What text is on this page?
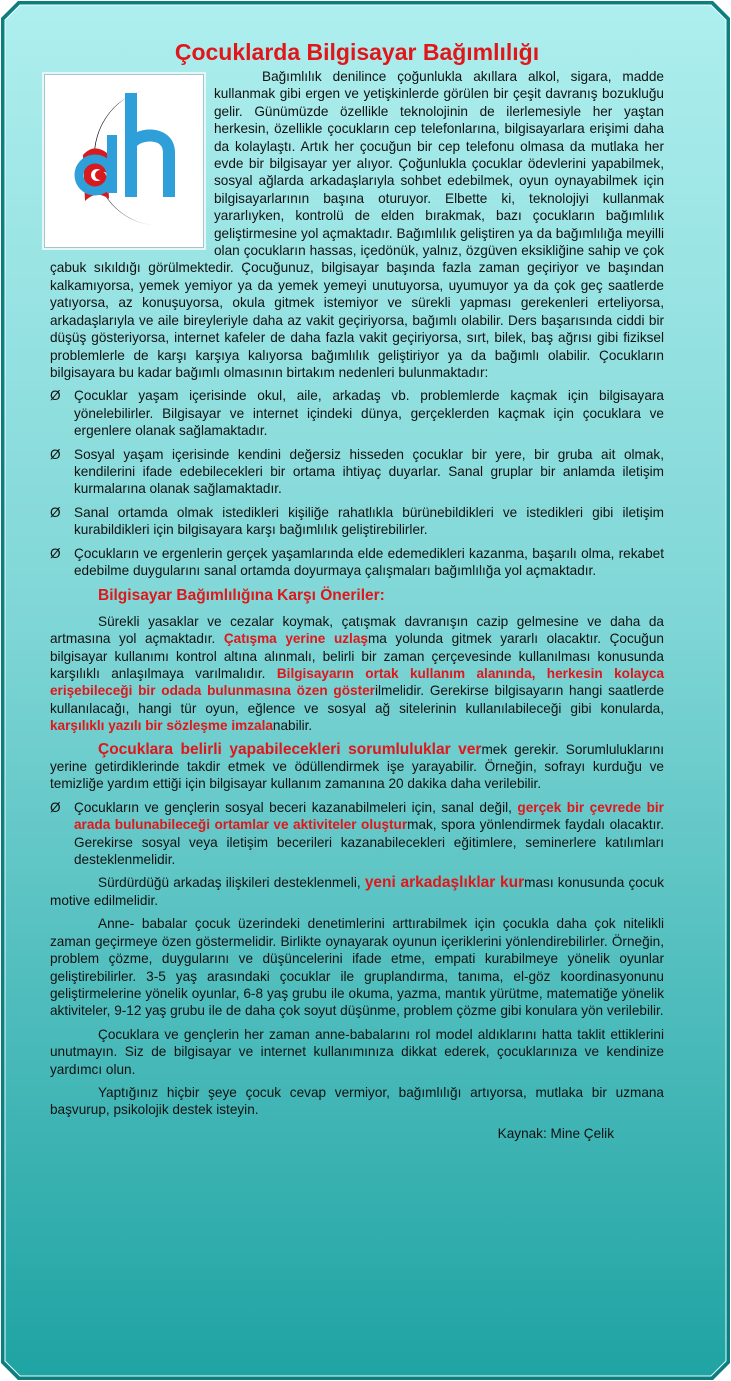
Çocuklarda Bilgisayar Bağımlılığı

Bağımlılık denilince çoğunlukla akıllara alkol, sigara, madde kullanmak gibi ergen ve yetişkinlerde görülen bir çeşit davranış bozukluğu gelir. Günümüzde özellikle teknolojinin de ilerlemesiyle her yaştan herkesin, özellikle çocukların cep telefonlarına, bilgisayarlara erişimi daha da kolaylaştı. Artık her çocuğun bir cep telefonu olmasa da mutlaka her evde bir bilgisayar yer alıyor. Çoğunlukla çocuklar ödevlerini yapabilmek, sosyal ağlarda arkadaşlarıyla sohbet edebilmek, oyun oynayabilmek için bilgisayarlarının başına oturuyor. Elbette ki, teknolojiyi kullanmak yararlıyken, kontrolü de elden bırakmak, bazı çocukların bağımlılık geliştirmesine yol açmaktadır. Bağımlılık geliştiren ya da bağımlılığa meyilli olan çocukların hassas, içedönük, yalnız, özgüven eksikliğine sahip ve çok çabuk sıkıldığı görülmektedir. Çocuğunuz, bilgisayar başında fazla zaman geçiriyor ve başından kalkamıyorsa, yemek yemiyor ya da yemek yemeyi unutuyorsa, uyumuyor ya da çok geç saatlerde yatıyorsa, az konuşuyorsa, okula gitmek istemiyor ve sürekli yapması gerekenleri erteliyorsa, arkadaşlarıyla ve aile bireyleriyle daha az vakit geçiriyorsa, bağımlı olabilir. Ders başarısında ciddi bir düşüş gösteriyorsa, internet kafeler de daha fazla vakit geçiriyorsa, sırt, bilek, baş ağrısı gibi fiziksel problemlerle de karşı karşıya kalıyorsa bağımlılık geliştiriyor ya da bağımlı olabilir. Çocukların bilgisayara bu kadar bağımlı olmasının birtakım nedenleri bulunmaktadır:

Ø Çocuklar yaşam içerisinde okul, aile, arkadaş vb. problemlerde kaçmak için bilgisayara yönelebilirler. Bilgisayar ve internet içindeki dünya, gerçeklerden kaçmak için çocuklara ve ergenlere olanak sağlamaktadır.
Ø Sosyal yaşam içerisinde kendini değersiz hisseden çocuklar bir yere, bir gruba ait olmak, kendilerini ifade edebilecekleri bir ortama ihtiyaç duyarlar. Sanal gruplar bir anlamda iletişim kurmalarına olanak sağlamaktadır.
Ø Sanal ortamda olmak istedikleri kişiliğe rahatlıkla bürünebildikleri ve istedikleri gibi iletişim kurabildikleri için bilgisayara karşı bağımlılık geliştirebilirler.
Ø Çocukların ve ergenlerin gerçek yaşamlarında elde edemedikleri kazanma, başarılı olma, rekabet edebilme duygularını sanal ortamda doyurmaya çalışmaları bağımlılığa yol açmaktadır.
Bilgisayar Bağımlılığına Karşı Öneriler:

Sürekli yasaklar ve cezalar koymak, çatışmak davranışın cazip gelmesine ve daha da artmasına yol açmaktadır. Çatışma yerine uzlaşma yolunda gitmek yararlı olacaktır. Çocuğun bilgisayar kullanımı kontrol altına alınmalı, belirli bir zaman çerçevesinde kullanılması konusunda karşılıklı anlaşılmaya varılmalıdır. Bilgisayarın ortak kullanım alanında, herkesin kolayca erişebileceği bir odada bulunmasına özen gösterilmelidir. Gerekirse bilgisayarın hangi saatlerde kullanılacağı, hangi tür oyun, eğlence ve sosyal ağ sitelerinin kullanılabileceği gibi konularda, karşılıklı yazılı bir sözleşme imzalanabilir.

Çocuklara belirli yapabilecekleri sorumluluklar vermek gerekir. Sorumluluklarını yerine getirdiklerinde takdir etmek ve ödüllendirmek işe yarayabilir. Örneğin, sofrayı kurduğu ve temizliğe yardım ettiği için bilgisayar kullanım zamanına 20 dakika daha verilebilir.

Ø Çocukların ve gençlerin sosyal beceri kazanabilmeleri için, sanal değil, gerçek bir çevrede bir arada bulunabileceği ortamlar ve aktiviteler oluşturmak, spora yönlendirmek faydalı olacaktır. Gerekirse sosyal veya iletişim becerileri kazanabilecekleri eğitimlere, seminerlere katılımları desteklenmelidir.

Sürdürdüğü arkadaş ilişkileri desteklenmeli, yeni arkadaşlıklar kurması konusunda çocuk motive edilmelidir.

Anne- babalar çocuk üzerindeki denetimlerini arttırabilmek için çocukla daha çok nitelikli zaman geçirmeye özen göstermelidir. Birlikte oynayarak oyunun içeriklerini yönlendirebilirler. Örneğin, problem çözme, duygularını ve düşüncelerini ifade etme, empati kurabilmeye yönelik oyunlar geliştirebilirler. 3-5 yaş arasındaki çocuklar ile gruplandırma, tanıma, el-göz koordinasyonunu geliştirmelerine yönelik oyunlar, 6-8 yaş grubu ile okuma, yazma, mantık yürütme, matematiğe yönelik aktiviteler, 9-12 yaş grubu ile de daha çok soyut düşünme, problem çözme gibi konulara yön verilebilir.

Çocuklara ve gençlerin her zaman anne-babalarını rol model aldıklarını hatta taklit ettiklerini unutmayın. Siz de bilgisayar ve internet kullanımınıza dikkat ederek, çocuklarınıza ve kendinize yardımcı olun.

Yaptığınız hiçbir şeye çocuk cevap vermiyor, bağımlılığı artıyorsa, mutlaka bir uzmana başvurup, psikolojik destek isteyin.

Kaynak: Mine Çelik
